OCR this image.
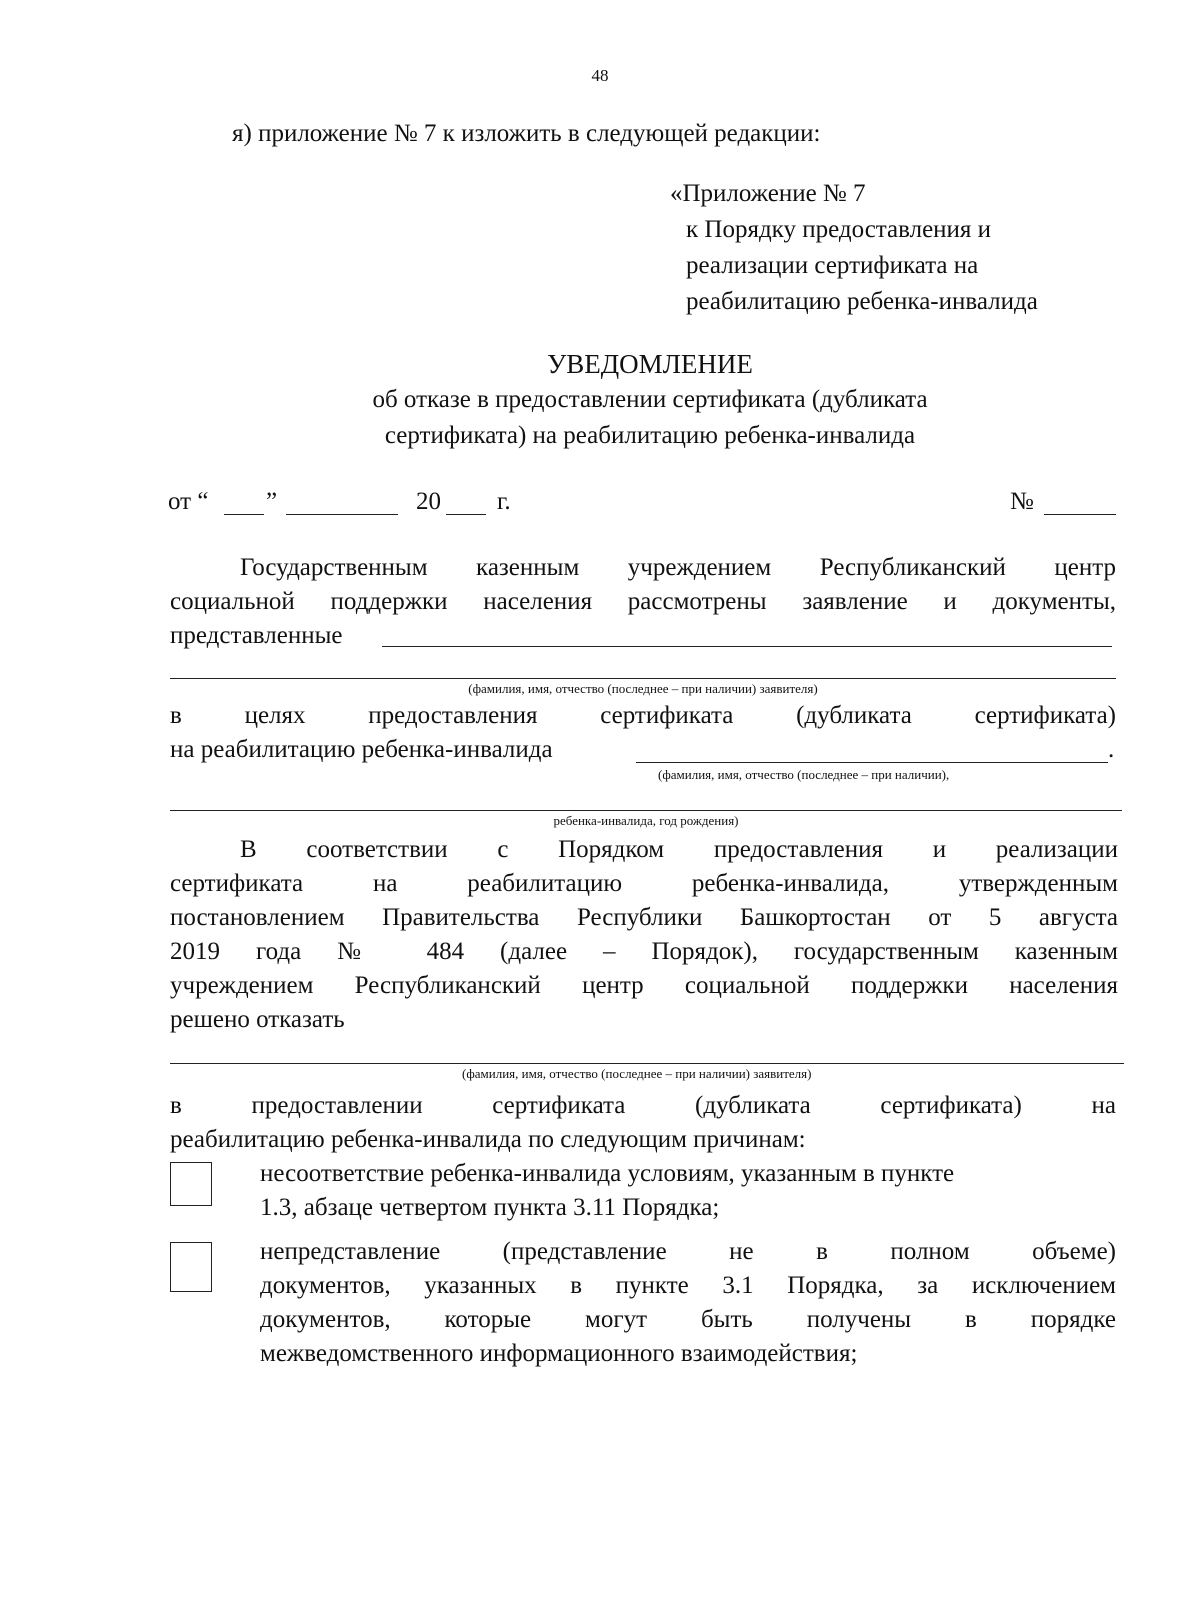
48
я) приложение № 7 к изложить в следующей редакции:
«Приложение № 7
к Порядку предоставления и
реализации сертификата на
реабилитацию ребенка-инвалида
УВЕДОМЛЕНИЕ
об отказе в предоставлении сертификата (дубликата
сертификата) на реабилитацию ребенка-инвалида
от “ ”	20 г.	№
Государственным казенным учреждением Республиканский центр
социальной поддержки населения рассмотрены заявление и документы,
представленные
(фамилия, имя, отчество (последнее – при наличии) заявителя)
в целях предоставления сертификата (дубликата сертификата)
на реабилитацию ребенка-инвалида	.
(фамилия, имя, отчество (последнее – при наличии),
ребенка-инвалида, год рождения)
В соответствии с Порядком предоставления и реализации
сертификата на реабилитацию ребенка-инвалида, утвержденным
постановлением Правительства Республики Башкортостан от 5 августа
2019 года № 484 (далее – Порядок), государственным казенным
учреждением Республиканский центр социальной поддержки населения
решено отказать
(фамилия, имя, отчество (последнее – при наличии) заявителя)
в предоставлении сертификата (дубликата сертификата) на
реабилитацию ребенка-инвалида по следующим причинам:
несоответствие ребенка-инвалида условиям, указанным в пункте
1.3, абзаце четвертом пункта 3.11 Порядка;
непредставление (представление не в полном объеме)
документов, указанных в пункте 3.1 Порядка, за исключением
документов, которые могут быть получены в порядке
межведомственного информационного взаимодействия;
